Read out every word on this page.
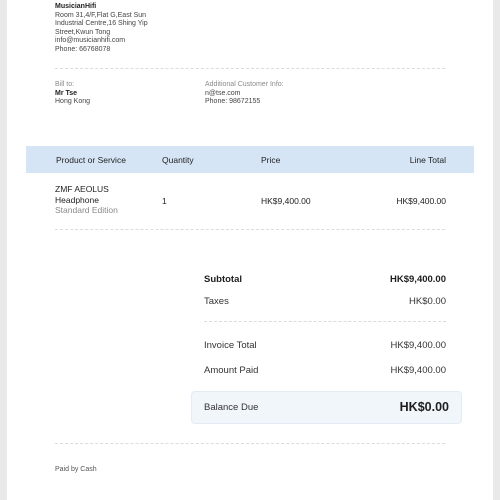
MusicianHifi
Room 31,4/F,Flat G,East Sun
Industrial Centre,16 Shing Yip
Street,Kwun Tong
info@musicianhifi.com
Phone: 66768078
Bill to:
Mr Tse
Hong Kong
Additional Customer Info:
n@tse.com
Phone: 98672155
Product or Service	Quantity	Price	Line Total
ZMF AEOLUS
Headphone
Standard Edition
1	HK$9,400.00	HK$9,400.00
Subtotal	HK$9,400.00
Taxes	HK$0.00
Invoice Total	HK$9,400.00
Amount Paid	HK$9,400.00
Balance Due	HK$0.00
Paid by Cash
